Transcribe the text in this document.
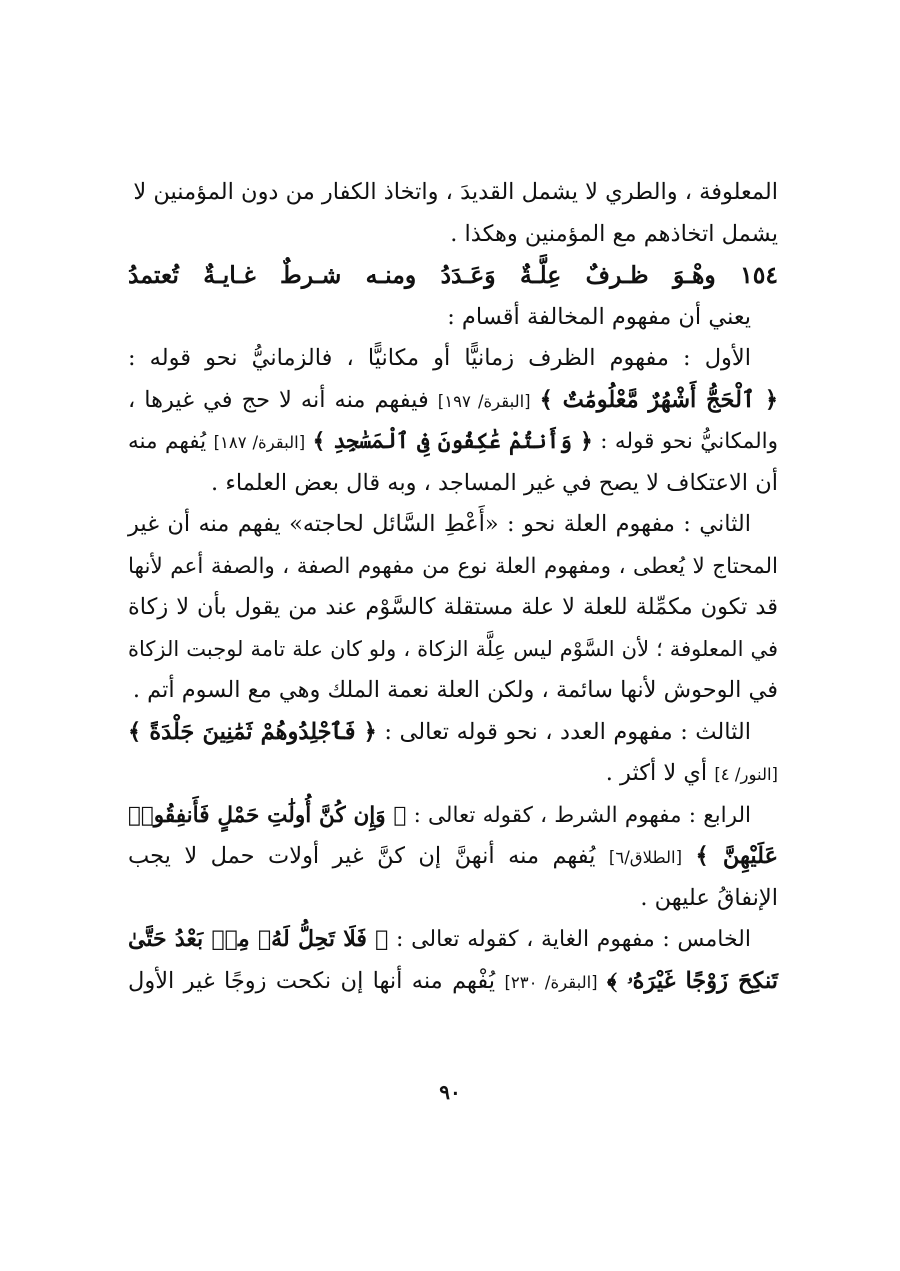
المعلوفة ، والطري لا يشمل القديدَ ، واتخاذ الكفار من دون المؤمنين لا
يشمل اتخاذهم مع المؤمنين وهكذا .
١٥٤ وهْـوَ ظـرفٌ عِلَّـةٌ وَعَـدَدُ ومنـه شـرطٌ غـايـةٌ تُعتمدُ
يعني أن مفهوم المخالفة أقسام :
الأول : مفهوم الظرف زمانيًّا أو مكانيًّا ، فالزمانيُّ نحو قوله :
﴿ ٱلْحَجُّ أَشْهُرٌ مَّعْلُومَٰتٌ ﴾ [البقرة/ ١٩٧] فيفهم منه أنه لا حج في غيرها ،
والمكانيُّ نحو قوله : ﴿ وَأَنتُمْ عَٰكِفُونَ فِى ٱلْمَسَٰجِدِ ﴾ [البقرة/ ١٨٧] يُفهم منه
أن الاعتكاف لا يصح في غير المساجد ، وبه قال بعض العلماء .
الثاني : مفهوم العلة نحو : «أَعْطِ السَّائل لحاجته» يفهم منه أن غير
المحتاج لا يُعطى ، ومفهوم العلة نوع من مفهوم الصفة ، والصفة أعم لأنها
قد تكون مكمِّلة للعلة لا علة مستقلة كالسَّوْم عند من يقول بأن لا زكاة
في المعلوفة ؛ لأن السَّوْم ليس عِلَّة الزكاة ، ولو كان علة تامة لوجبت الزكاة
في الوحوش لأنها سائمة ، ولكن العلة نعمة الملك وهي مع السوم أتم .
الثالث : مفهوم العدد ، نحو قوله تعالى : ﴿ فَٱجْلِدُوهُمْ ثَمَٰنِينَ جَلْدَةً ﴾
[النور/ ٤] أي لا أكثر .
الرابع : مفهوم الشرط ، كقوله تعالى : ﴿ وَإِن كُنَّ أُولَٰتِ حَمْلٍ فَأَنفِقُوا۟
عَلَيْهِنَّ ﴾ [الطلاق/٦] يُفهم منه أنهنَّ إن كنَّ غير أولات حمل لا يجب
الإنفاقُ عليهن .
الخامس : مفهوم الغاية ، كقوله تعالى : ﴿ فَلَا تَحِلُّ لَهُۥ مِنۢ بَعْدُ حَتَّىٰ
تَنكِحَ زَوْجًا غَيْرَهُۥ ﴾ [البقرة/ ٢٣٠] يُفْهم منه أنها إن نكحت زوجًا غير الأول
٩٠
